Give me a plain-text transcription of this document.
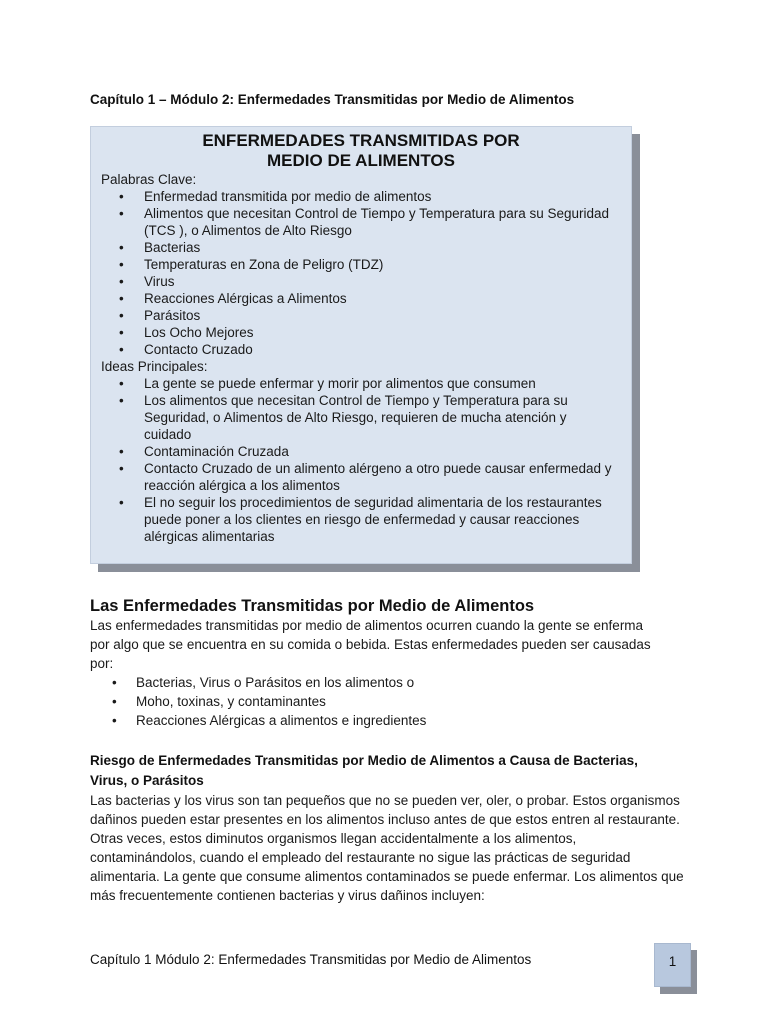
Capítulo 1 – Módulo 2: Enfermedades Transmitidas por Medio de Alimentos
ENFERMEDADES TRANSMITIDAS POR
MEDIO DE ALIMENTOS

Palabras Clave:

• Enfermedad transmitida por medio de alimentos
• Alimentos que necesitan Control de Tiempo y Temperatura para su Seguridad (TCS ), o Alimentos de Alto Riesgo
• Bacterias
• Temperaturas en Zona de Peligro (TDZ)
• Virus
• Reacciones Alérgicas a Alimentos
• Parásitos
• Los Ocho Mejores
• Contacto Cruzado

Ideas Principales:

• La gente se puede enfermar y morir por alimentos que consumen
• Los alimentos que necesitan Control de Tiempo y Temperatura para su Seguridad, o Alimentos de Alto Riesgo, requieren de mucha atención y cuidado
• Contaminación Cruzada
• Contacto Cruzado de un alimento alérgeno a otro puede causar enfermedad y reacción alérgica a los alimentos
• El no seguir los procedimientos de seguridad alimentaria de los restaurantes puede poner a los clientes en riesgo de enfermedad y causar reacciones alérgicas alimentarias

Las Enfermedades Transmitidas por Medio de Alimentos

Las enfermedades transmitidas por medio de alimentos ocurren cuando la gente se enferma por algo que se encuentra en su comida o bebida. Estas enfermedades pueden ser causadas por:

• Bacterias, Virus o Parásitos en los alimentos o
• Moho, toxinas, y contaminantes
• Reacciones Alérgicas a alimentos e ingredientes

Riesgo de Enfermedades Transmitidas por Medio de Alimentos a Causa de Bacterias, Virus, o Parásitos

Las bacterias y los virus son tan pequeños que no se pueden ver, oler, o probar. Estos organismos dañinos pueden estar presentes en los alimentos incluso antes de que estos entren al restaurante. Otras veces, estos diminutos organismos llegan accidentalmente a los alimentos, contaminándolos, cuando el empleado del restaurante no sigue las prácticas de seguridad alimentaria. La gente que consume alimentos contaminados se puede enfermar. Los alimentos que más frecuentemente contienen bacterias y virus dañinos incluyen:

Capítulo 1 Módulo 2: Enfermedades Transmitidas por Medio de Alimentos	1
